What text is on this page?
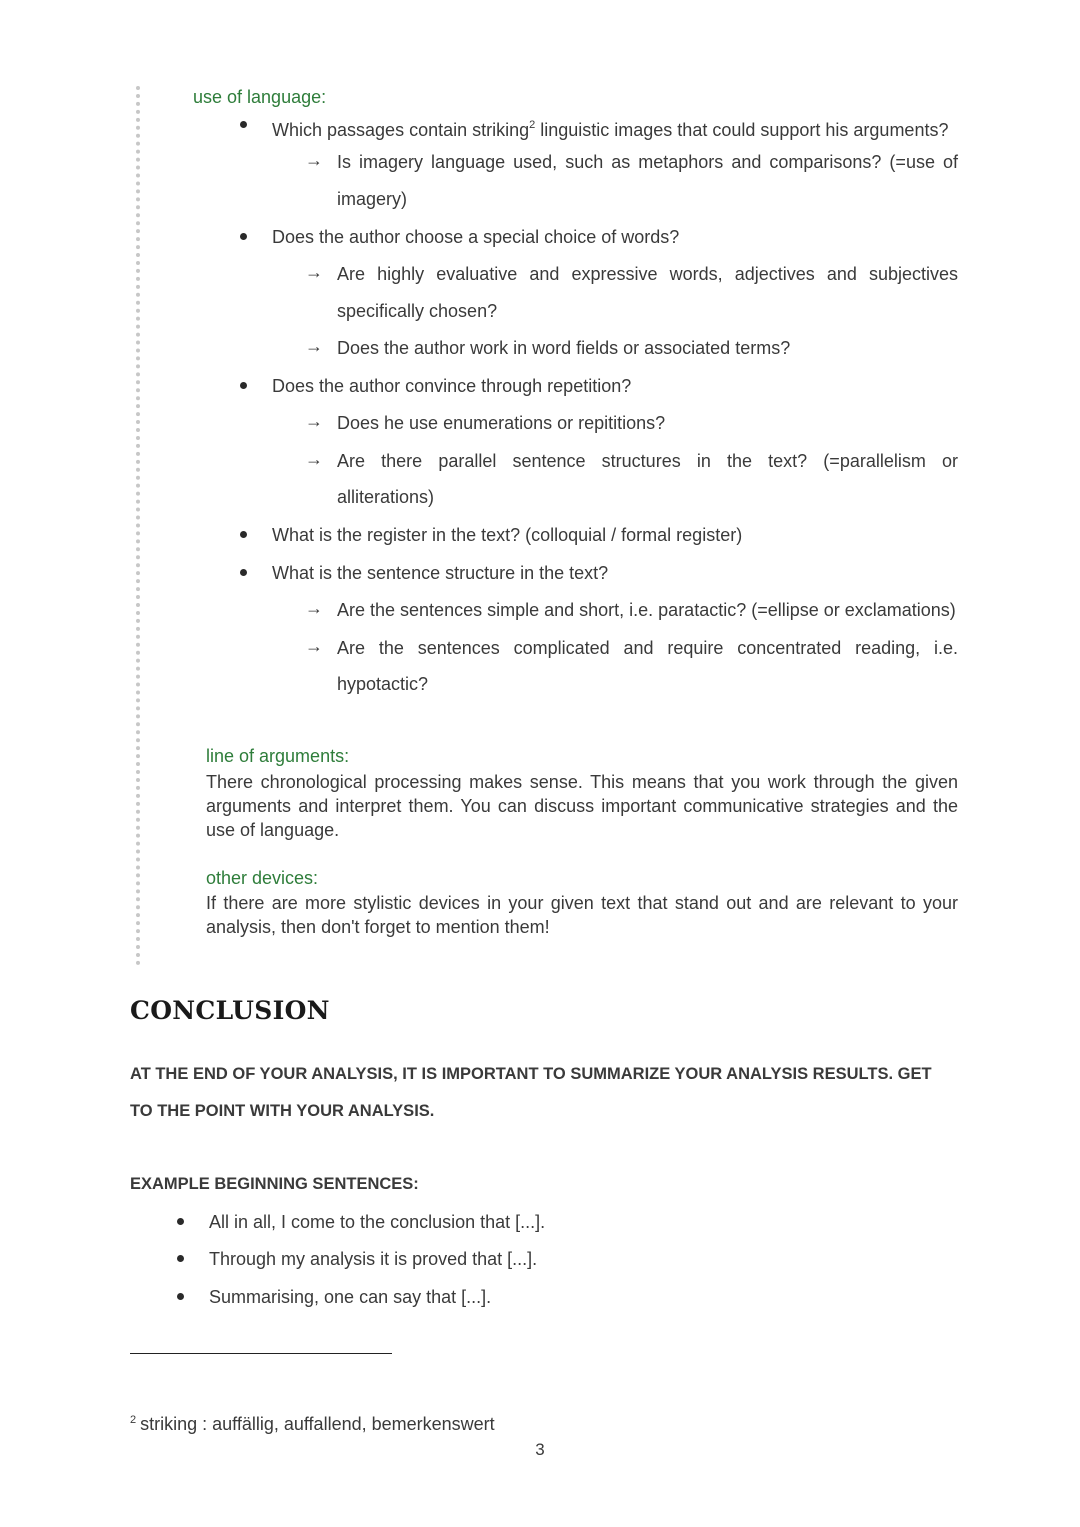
use of language:
Which passages contain striking$^2$ linguistic images that could support his arguments?
→ Is imagery language used, such as metaphors and comparisons? (=use of
imagery)
Does the author choose a special choice of words?
→ Are highly evaluative and expressive words, adjectives and subjectives
specifically chosen?
→ Does the author work in word fields or associated terms?
Does the author convince through repetition?
→ Does he use enumerations or repititions?
→ Are there parallel sentence structures in the text? (=parallelism or
alliterations)
What is the register in the text? (colloquial / formal register)
What is the sentence structure in the text?
→ Are the sentences simple and short, i.e. paratactic? (=ellipse or exclamations)
→ Are the sentences complicated and require concentrated reading, i.e.
hypotactic?
line of arguments:
There chronological processing makes sense. This means that you work through the given arguments and interpret them. You can discuss important communicative strategies and the use of language.
other devices:
If there are more stylistic devices in your given text that stand out and are relevant to your analysis, then don't forget to mention them!
CONCLUSION
AT THE END OF YOUR ANALYSIS, IT IS IMPORTANT TO SUMMARIZE YOUR ANALYSIS RESULTS. GET
TO THE POINT WITH YOUR ANALYSIS.
EXAMPLE BEGINNING SENTENCES:
All in all, I come to the conclusion that [...].
Through my analysis it is proved that [...].
Summarising, one can say that [...].
$^2$ striking : auffällig, auffallend, bemerkenswert
3
